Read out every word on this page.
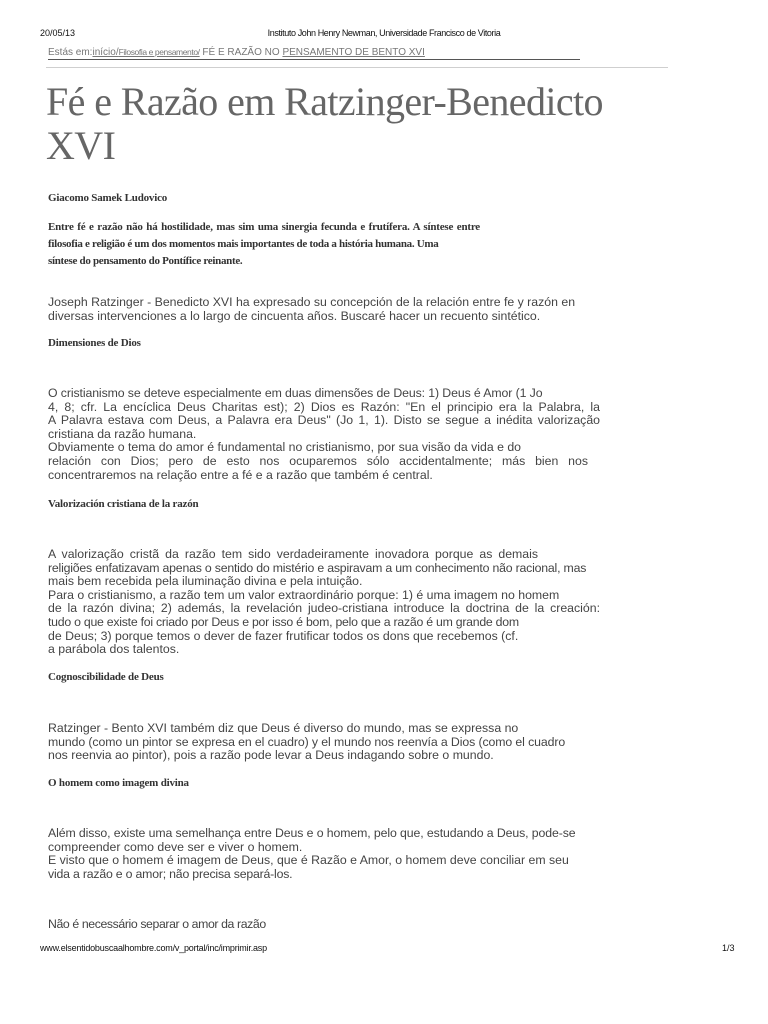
20/05/13	Instituto John Henry Newman, Universidade Francisco de Vitoria
Estás em:início/Filosofia e pensamento/ FÉ E RAZÃO NO PENSAMENTO DE BENTO XVI
Fé e Razão em Ratzinger-Benedicto
XVI
Giacomo Samek Ludovico
Entre fé e razão não há hostilidade, mas sim uma sinergia fecunda e frutífera. A síntese entre
filosofia e religião é um dos momentos mais importantes de toda a história humana. Uma
síntese do pensamento do Pontífice reinante.
Joseph Ratzinger - Benedicto XVI ha expresado su concepción de la relación entre fe y razón en
diversas intervenciones a lo largo de cincuenta años. Buscaré hacer un recuento sintético.
Dimensiones de Dios
O cristianismo se deteve especialmente em duas dimensões de Deus: 1) Deus é Amor (1 Jo
4, 8; cfr. La encíclica Deus Charitas est); 2) Dios es Razón: "En el principio era la Palabra, la
A Palavra estava com Deus, a Palavra era Deus" (Jo 1, 1). Disto se segue a inédita valorização
cristiana da razão humana.
Obviamente o tema do amor é fundamental no cristianismo, por sua visão da vida e do
relación con Dios; pero de esto nos ocuparemos sólo accidentalmente; más bien nos
concentraremos na relação entre a fé e a razão que também é central.
Valorización cristiana de la razón
A valorização cristã da razão tem sido verdadeiramente inovadora porque as demais
religiões enfatizavam apenas o sentido do mistério e aspiravam a um conhecimento não racional, mas
mais bem recebida pela iluminação divina e pela intuição.
Para o cristianismo, a razão tem um valor extraordinário porque: 1) é uma imagem no homem
de la razón divina; 2) además, la revelación judeo-cristiana introduce la doctrina de la creación:
tudo o que existe foi criado por Deus e por isso é bom, pelo que a razão é um grande dom
de Deus; 3) porque temos o dever de fazer frutificar todos os dons que recebemos (cf.
a parábola dos talentos.
Cognoscibilidade de Deus
Ratzinger - Bento XVI também diz que Deus é diverso do mundo, mas se expressa no
mundo (como un pintor se expresa en el cuadro) y el mundo nos reenvía a Dios (como el cuadro
nos reenvia ao pintor), pois a razão pode levar a Deus indagando sobre o mundo.
O homem como imagem divina
Além disso, existe uma semelhança entre Deus e o homem, pelo que, estudando a Deus, pode-se
compreender como deve ser e viver o homem.
E visto que o homem é imagem de Deus, que é Razão e Amor, o homem deve conciliar em seu
vida a razão e o amor; não precisa separá-los.
Não é necessário separar o amor da razão
www.elsentidobuscaalhombre.com/v_portal/inc/imprimir.asp	1/3
